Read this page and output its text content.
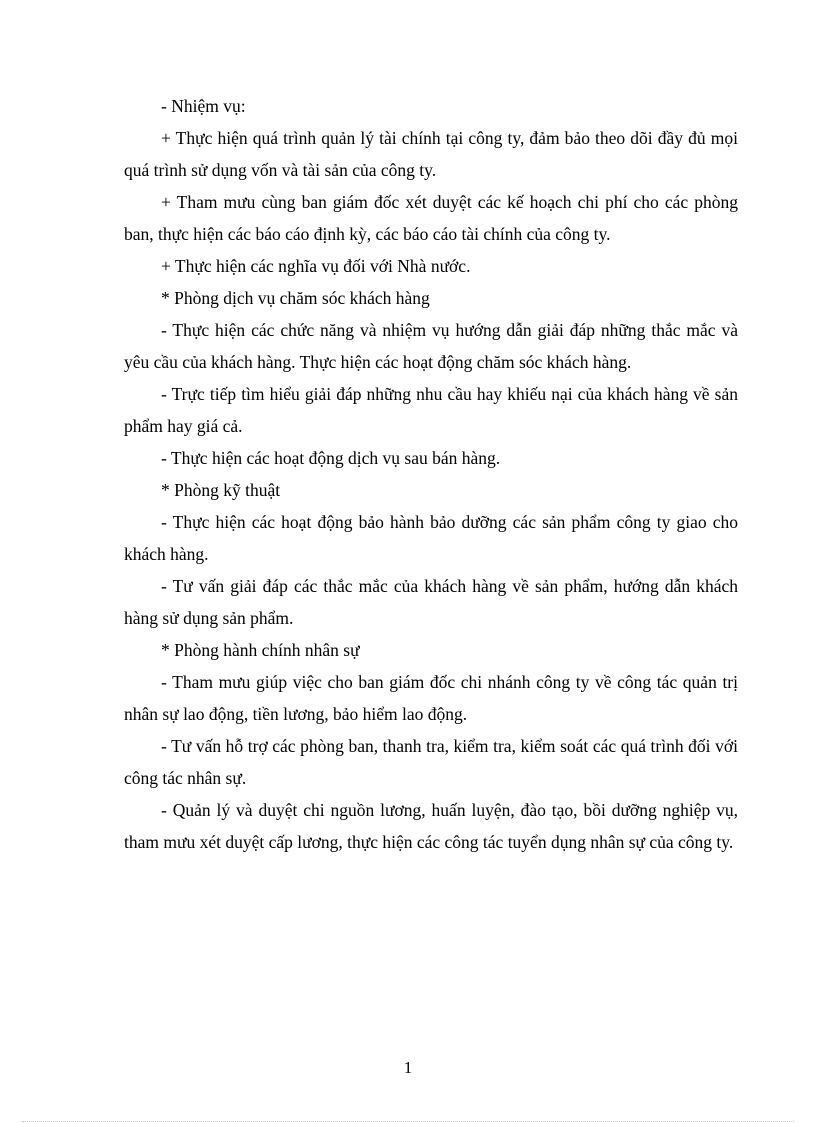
- Nhiệm vụ:

+ Thực hiện quá trình quản lý tài chính tại công ty, đảm bảo theo dõi đầy đủ mọi quá trình sử dụng vốn và tài sản của công ty.

+ Tham mưu cùng ban giám đốc xét duyệt các kế hoạch chi phí cho các phòng ban, thực hiện các báo cáo định kỳ, các báo cáo tài chính của công ty.

+ Thực hiện các nghĩa vụ đối với Nhà nước.

* Phòng dịch vụ chăm sóc khách hàng

- Thực hiện các chức năng và nhiệm vụ hướng dẫn giải đáp những thắc mắc và yêu cầu của khách hàng. Thực hiện các hoạt động chăm sóc khách hàng.

- Trực tiếp tìm hiểu giải đáp những nhu cầu hay khiếu nại của khách hàng về sản phẩm hay giá cả.

- Thực hiện các hoạt động dịch vụ sau bán hàng.

* Phòng kỹ thuật

- Thực hiện các hoạt động bảo hành bảo dưỡng các sản phẩm công ty giao cho khách hàng.

- Tư vấn giải đáp các thắc mắc của khách hàng về sản phẩm, hướng dẫn khách hàng sử dụng sản phẩm.

* Phòng hành chính nhân sự

- Tham mưu giúp việc cho ban giám đốc chi nhánh công ty về công tác quản trị nhân sự lao động, tiền lương, bảo hiểm lao động.

- Tư vấn hỗ trợ các phòng ban, thanh tra, kiểm tra, kiểm soát các quá trình đối với công tác nhân sự.

- Quản lý và duyệt chi nguồn lương, huấn luyện, đào tạo, bồi dưỡng nghiệp vụ, tham mưu xét duyệt cấp lương, thực hiện các công tác tuyển dụng nhân sự của công ty.

1
